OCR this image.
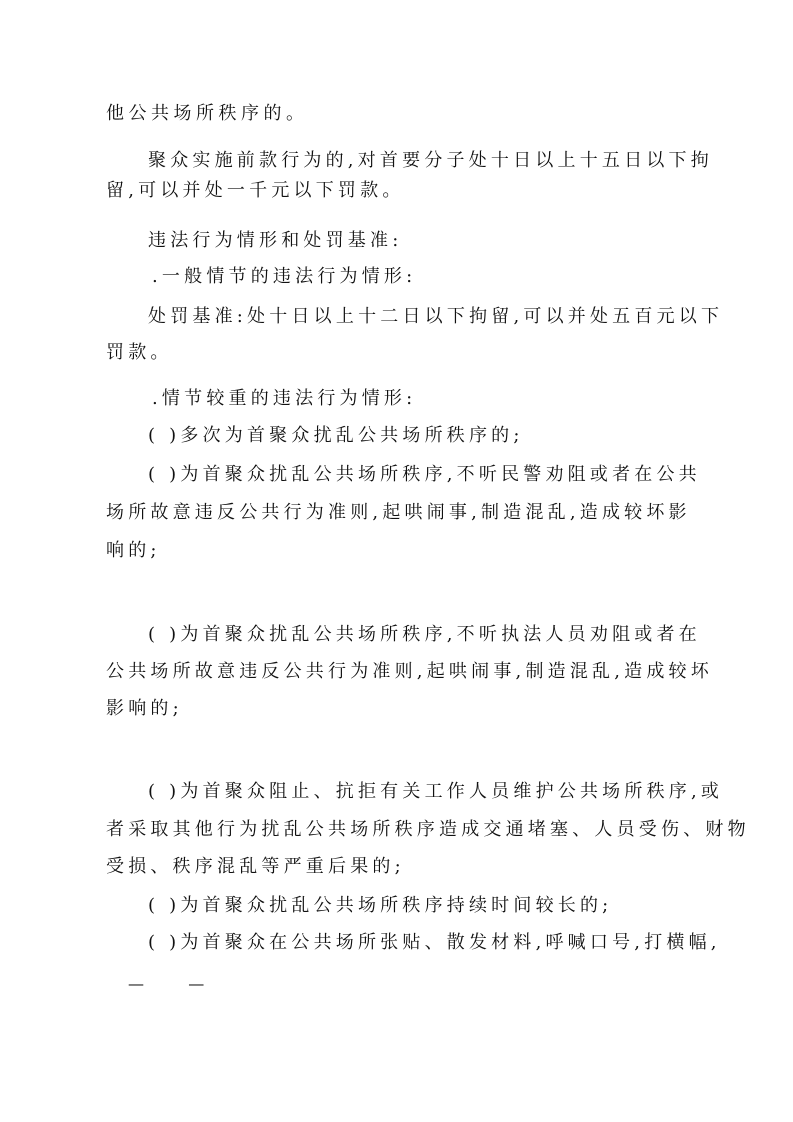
他公共场所秩序的。
聚众实施前款行为的,对首要分子处十日以上十五日以下拘
留,可以并处一千元以下罚款。
违法行为情形和处罚基准:
.一般情节的违法行为情形:
处罚基准:处十日以上十二日以下拘留,可以并处五百元以下
罚款。
.情节较重的违法行为情形:
( )多次为首聚众扰乱公共场所秩序的;
( )为首聚众扰乱公共场所秩序,不听民警劝阻或者在公共
场所故意违反公共行为准则,起哄闹事,制造混乱,造成较坏影
响的;
( )为首聚众扰乱公共场所秩序,不听执法人员劝阻或者在
公共场所故意违反公共行为准则,起哄闹事,制造混乱,造成较坏
影响的;
( )为首聚众阻止、抗拒有关工作人员维护公共场所秩序,或
者采取其他行为扰乱公共场所秩序造成交通堵塞、人员受伤、财物
受损、秩序混乱等严重后果的;
( )为首聚众扰乱公共场所秩序持续时间较长的;
( )为首聚众在公共场所张贴、散发材料,呼喊口号,打横幅,
—	—
